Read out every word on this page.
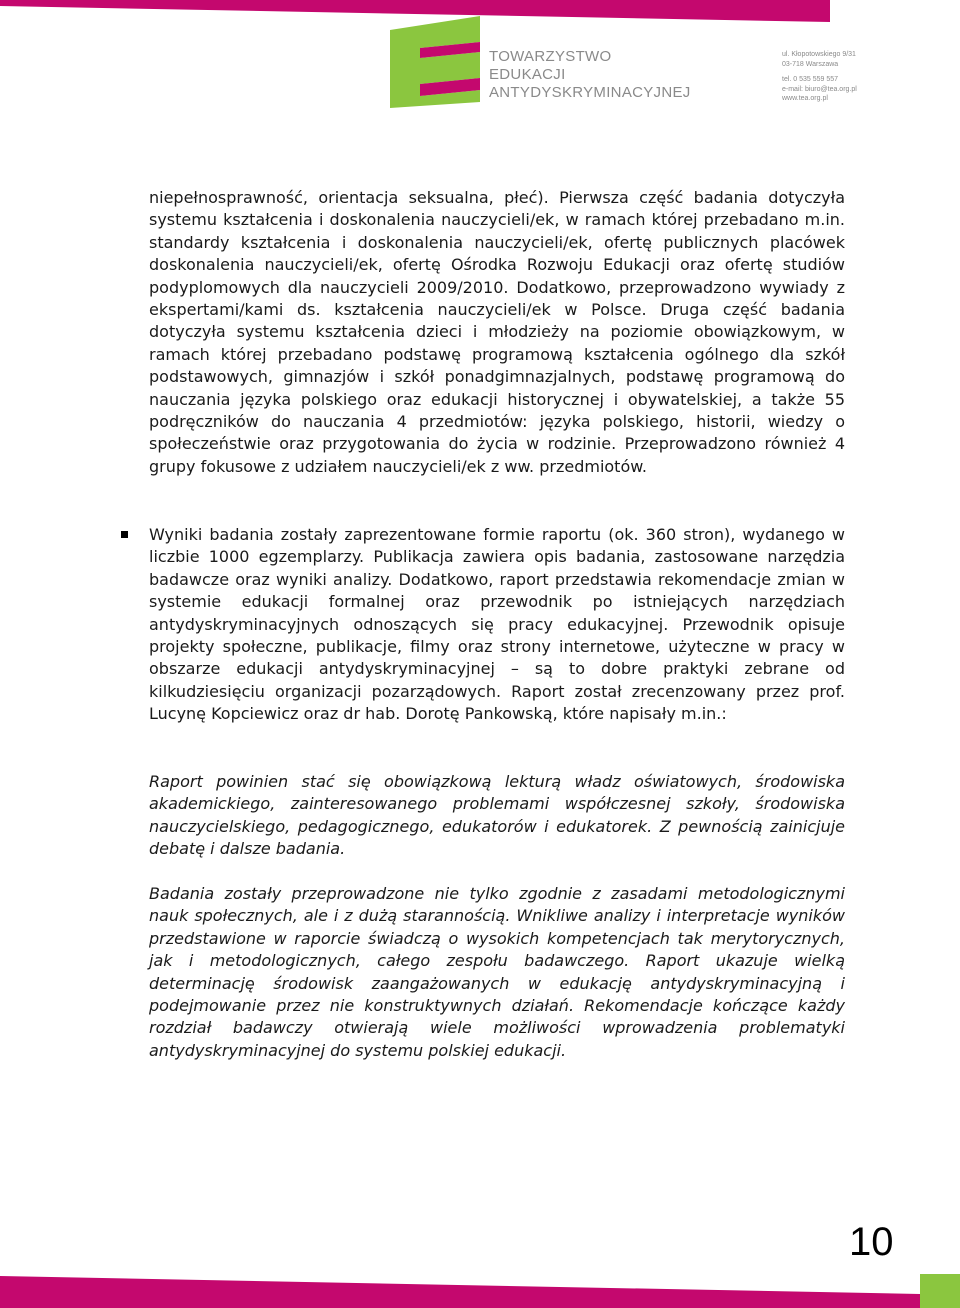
TOWARZYSTWO
EDUKACJI
ANTYDYSKRYMINACYJNEJ
ul. Kłopotowskiego 9/31
03-718 Warszawa
tel. 0 535 559 557
e-mail: biuro@tea.org.pl
www.tea.org.pl

niepełnosprawność, orientacja seksualna, płeć). Pierwsza część badania dotyczyła systemu kształcenia i doskonalenia nauczycieli/ek, w ramach której przebadano m.in. standardy kształcenia i doskonalenia nauczycieli/ek, ofertę publicznych placówek doskonalenia nauczycieli/ek, ofertę Ośrodka Rozwoju Edukacji oraz ofertę studiów podyplomowych dla nauczycieli 2009/2010. Dodatkowo, przeprowadzono wywiady z ekspertami/kami ds. kształcenia nauczycieli/ek w Polsce. Druga część badania dotyczyła systemu kształcenia dzieci i młodzieży na poziomie obowiązkowym, w ramach której przebadano podstawę programową kształcenia ogólnego dla szkół podstawowych, gimnazjów i szkół ponadgimnazjalnych, podstawę programową do nauczania języka polskiego oraz edukacji historycznej i obywatelskiej, a także 55 podręczników do nauczania 4 przedmiotów: języka polskiego, historii, wiedzy o społeczeństwie oraz przygotowania do życia w rodzinie. Przeprowadzono również 4 grupy fokusowe z udziałem nauczycieli/ek z ww. przedmiotów.

Wyniki badania zostały zaprezentowane formie raportu (ok. 360 stron), wydanego w liczbie 1000 egzemplarzy. Publikacja zawiera opis badania, zastosowane narzędzia badawcze oraz wyniki analizy. Dodatkowo, raport przedstawia rekomendacje zmian w systemie edukacji formalnej oraz przewodnik po istniejących narzędziach antydyskryminacyjnych odnoszących się pracy edukacyjnej. Przewodnik opisuje projekty społeczne, publikacje, filmy oraz strony internetowe, użyteczne w pracy w obszarze edukacji antydyskryminacyjnej – są to dobre praktyki zebrane od kilkudziesięciu organizacji pozarządowych. Raport został zrecenzowany przez prof. Lucynę Kopciewicz oraz dr hab. Dorotę Pankowską, które napisały m.in.:

Raport powinien stać się obowiązkową lekturą władz oświatowych, środowiska akademickiego, zainteresowanego problemami współczesnej szkoły, środowiska nauczycielskiego, pedagogicznego, edukatorów i edukatorek. Z pewnością zainicjuje debatę i dalsze badania.

Badania zostały przeprowadzone nie tylko zgodnie z zasadami metodologicznymi nauk społecznych, ale i z dużą starannością. Wnikliwe analizy i interpretacje wyników przedstawione w raporcie świadczą o wysokich kompetencjach tak merytorycznych, jak i metodologicznych, całego zespołu badawczego. Raport ukazuje wielką determinację środowisk zaangażowanych w edukację antydyskryminacyjną i podejmowanie przez nie konstruktywnych działań. Rekomendacje kończące każdy rozdział badawczy otwierają wiele możliwości wprowadzenia problematyki antydyskryminacyjnej do systemu polskiej edukacji.

10
